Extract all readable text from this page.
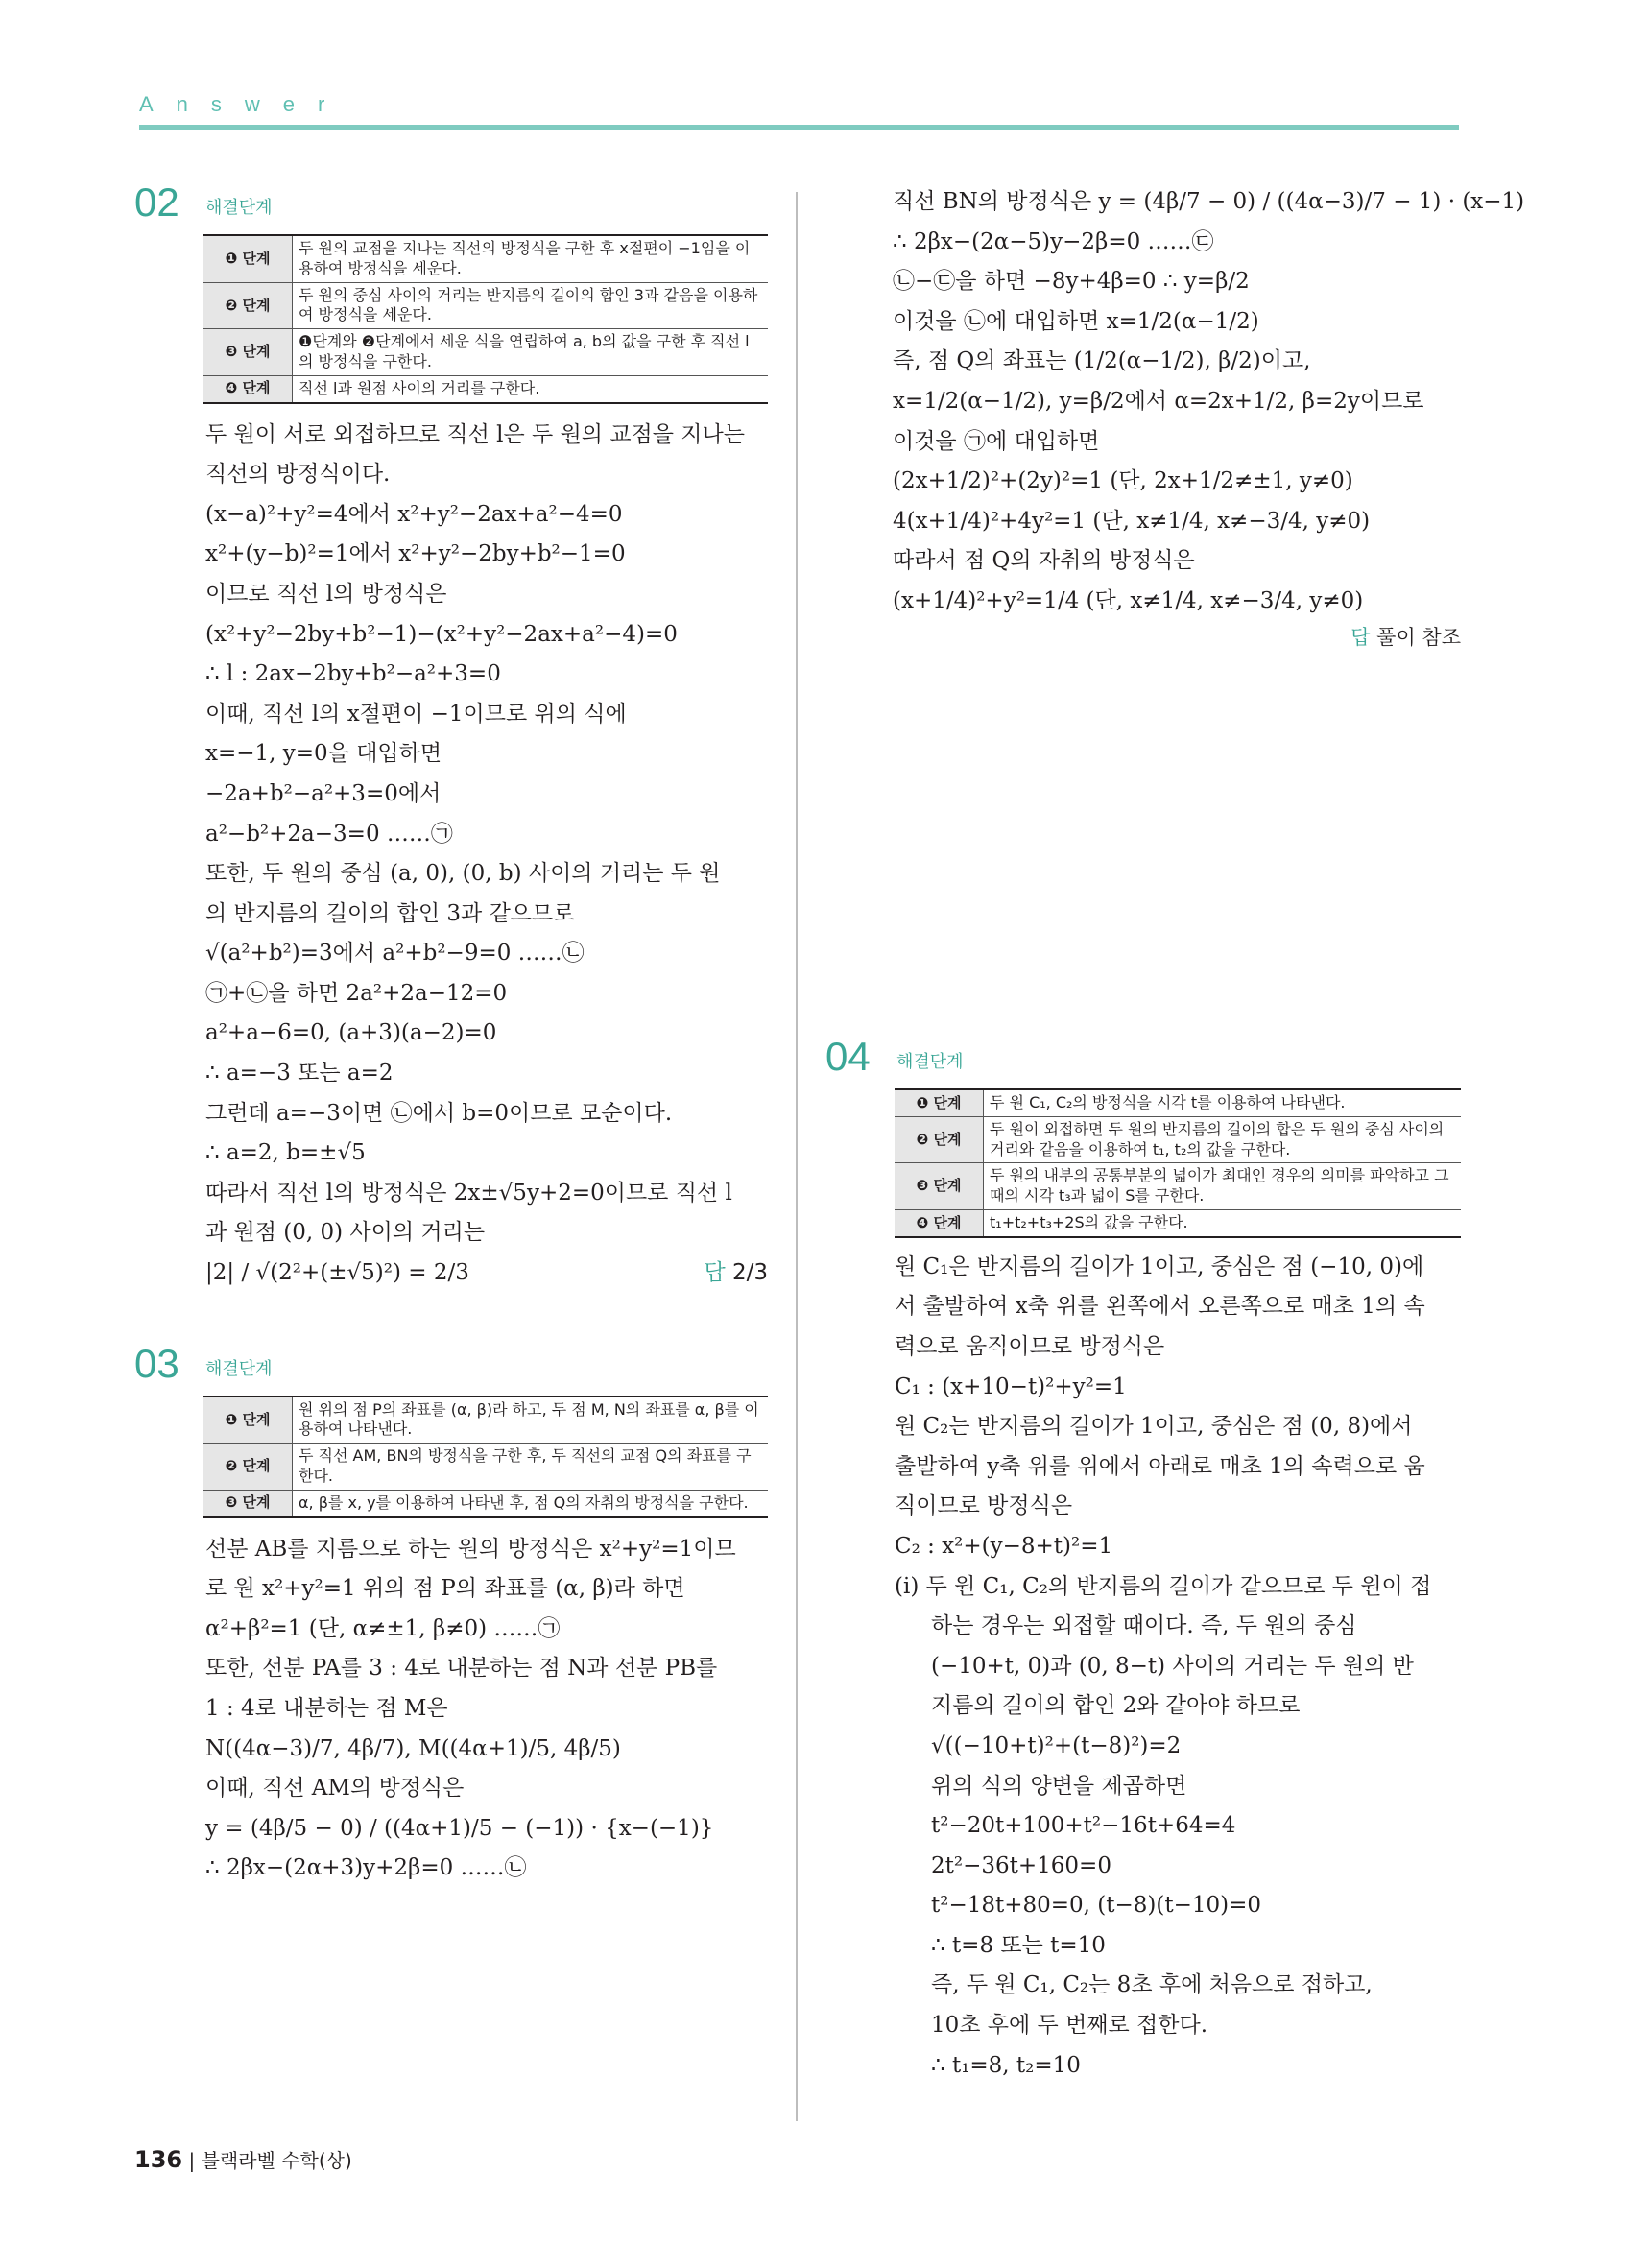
Answer
02	해결단계
❶ 단계	두 원의 교점을 지나는 직선의 방정식을 구한 후 x절편이 −1임을 이용하여 방정식을 세운다.
❷ 단계	두 원의 중심 사이의 거리는 반지름의 길이의 합인 3과 같음을 이용하여 방정식을 세운다.
❸ 단계	❶단계와 ❷단계에서 세운 식을 연립하여 a, b의 값을 구한 후 직선 l의 방정식을 구한다.
❹ 단계	직선 l과 원점 사이의 거리를 구한다.
두 원이 서로 외접하므로 직선 l은 두 원의 교점을 지나는
직선의 방정식이다.
(x−a)²+y²=4에서 x²+y²−2ax+a²−4=0
x²+(y−b)²=1에서 x²+y²−2by+b²−1=0
이므로 직선 l의 방정식은
(x²+y²−2by+b²−1)−(x²+y²−2ax+a²−4)=0
∴ l : 2ax−2by+b²−a²+3=0
이때, 직선 l의 x절편이 −1이므로 위의 식에
x=−1, y=0을 대입하면
−2a+b²−a²+3=0에서
a²−b²+2a−3=0 ……㉠
또한, 두 원의 중심 (a, 0), (0, b) 사이의 거리는 두 원
의 반지름의 길이의 합인 3과 같으므로
√(a²+b²)=3에서 a²+b²−9=0 ……㉡
㉠+㉡을 하면 2a²+2a−12=0
a²+a−6=0, (a+3)(a−2)=0
∴ a=−3 또는 a=2
그런데 a=−3이면 ㉡에서 b=0이므로 모순이다.
∴ a=2, b=±√5
따라서 직선 l의 방정식은 2x±√5y+2=0이므로 직선 l
과 원점 (0, 0) 사이의 거리는
|2| / √(2²+(±√5)²) = 2/3	답 2/3
03	해결단계
❶ 단계	원 위의 점 P의 좌표를 (α, β)라 하고, 두 점 M, N의 좌표를 α, β를 이용하여 나타낸다.
❷ 단계	두 직선 AM, BN의 방정식을 구한 후, 두 직선의 교점 Q의 좌표를 구한다.
❸ 단계	α, β를 x, y를 이용하여 나타낸 후, 점 Q의 자취의 방정식을 구한다.
선분 AB를 지름으로 하는 원의 방정식은 x²+y²=1이므
로 원 x²+y²=1 위의 점 P의 좌표를 (α, β)라 하면
α²+β²=1 (단, α≠±1, β≠0) ……㉠
또한, 선분 PA를 3 : 4로 내분하는 점 N과 선분 PB를
1 : 4로 내분하는 점 M은
N((4α−3)/7, 4β/7), M((4α+1)/5, 4β/5)
이때, 직선 AM의 방정식은
y = (4β/5 − 0) / ((4α+1)/5 − (−1)) · {x−(−1)}
∴ 2βx−(2α+3)y+2β=0 ……㉡
직선 BN의 방정식은 y = (4β/7 − 0) / ((4α−3)/7 − 1) · (x−1)
∴ 2βx−(2α−5)y−2β=0 ……㉢
㉡−㉢을 하면 −8y+4β=0 ∴ y=β/2
이것을 ㉡에 대입하면 x=1/2(α−1/2)
즉, 점 Q의 좌표는 (1/2(α−1/2), β/2)이고,
x=1/2(α−1/2), y=β/2에서 α=2x+1/2, β=2y이므로
이것을 ㉠에 대입하면
(2x+1/2)²+(2y)²=1 (단, 2x+1/2≠±1, y≠0)
4(x+1/4)²+4y²=1 (단, x≠1/4, x≠−3/4, y≠0)
따라서 점 Q의 자취의 방정식은
(x+1/4)²+y²=1/4 (단, x≠1/4, x≠−3/4, y≠0)
답 풀이 참조
04	해결단계
❶ 단계	두 원 C₁, C₂의 방정식을 시각 t를 이용하여 나타낸다.
❷ 단계	두 원이 외접하면 두 원의 반지름의 길이의 합은 두 원의 중심 사이의 거리와 같음을 이용하여 t₁, t₂의 값을 구한다.
❸ 단계	두 원의 내부의 공통부분의 넓이가 최대인 경우의 의미를 파악하고 그때의 시각 t₃과 넓이 S를 구한다.
❹ 단계	t₁+t₂+t₃+2S의 값을 구한다.
원 C₁은 반지름의 길이가 1이고, 중심은 점 (−10, 0)에
서 출발하여 x축 위를 왼쪽에서 오른쪽으로 매초 1의 속
력으로 움직이므로 방정식은
C₁ : (x+10−t)²+y²=1
원 C₂는 반지름의 길이가 1이고, 중심은 점 (0, 8)에서
출발하여 y축 위를 위에서 아래로 매초 1의 속력으로 움
직이므로 방정식은
C₂ : x²+(y−8+t)²=1
(i) 두 원 C₁, C₂의 반지름의 길이가 같으므로 두 원이 접
하는 경우는 외접할 때이다. 즉, 두 원의 중심
(−10+t, 0)과 (0, 8−t) 사이의 거리는 두 원의 반
지름의 길이의 합인 2와 같아야 하므로
√((−10+t)²+(t−8)²)=2
위의 식의 양변을 제곱하면
t²−20t+100+t²−16t+64=4
2t²−36t+160=0
t²−18t+80=0, (t−8)(t−10)=0
∴ t=8 또는 t=10
즉, 두 원 C₁, C₂는 8초 후에 처음으로 접하고,
10초 후에 두 번째로 접한다.
∴ t₁=8, t₂=10
136 | 블랙라벨 수학(상)
